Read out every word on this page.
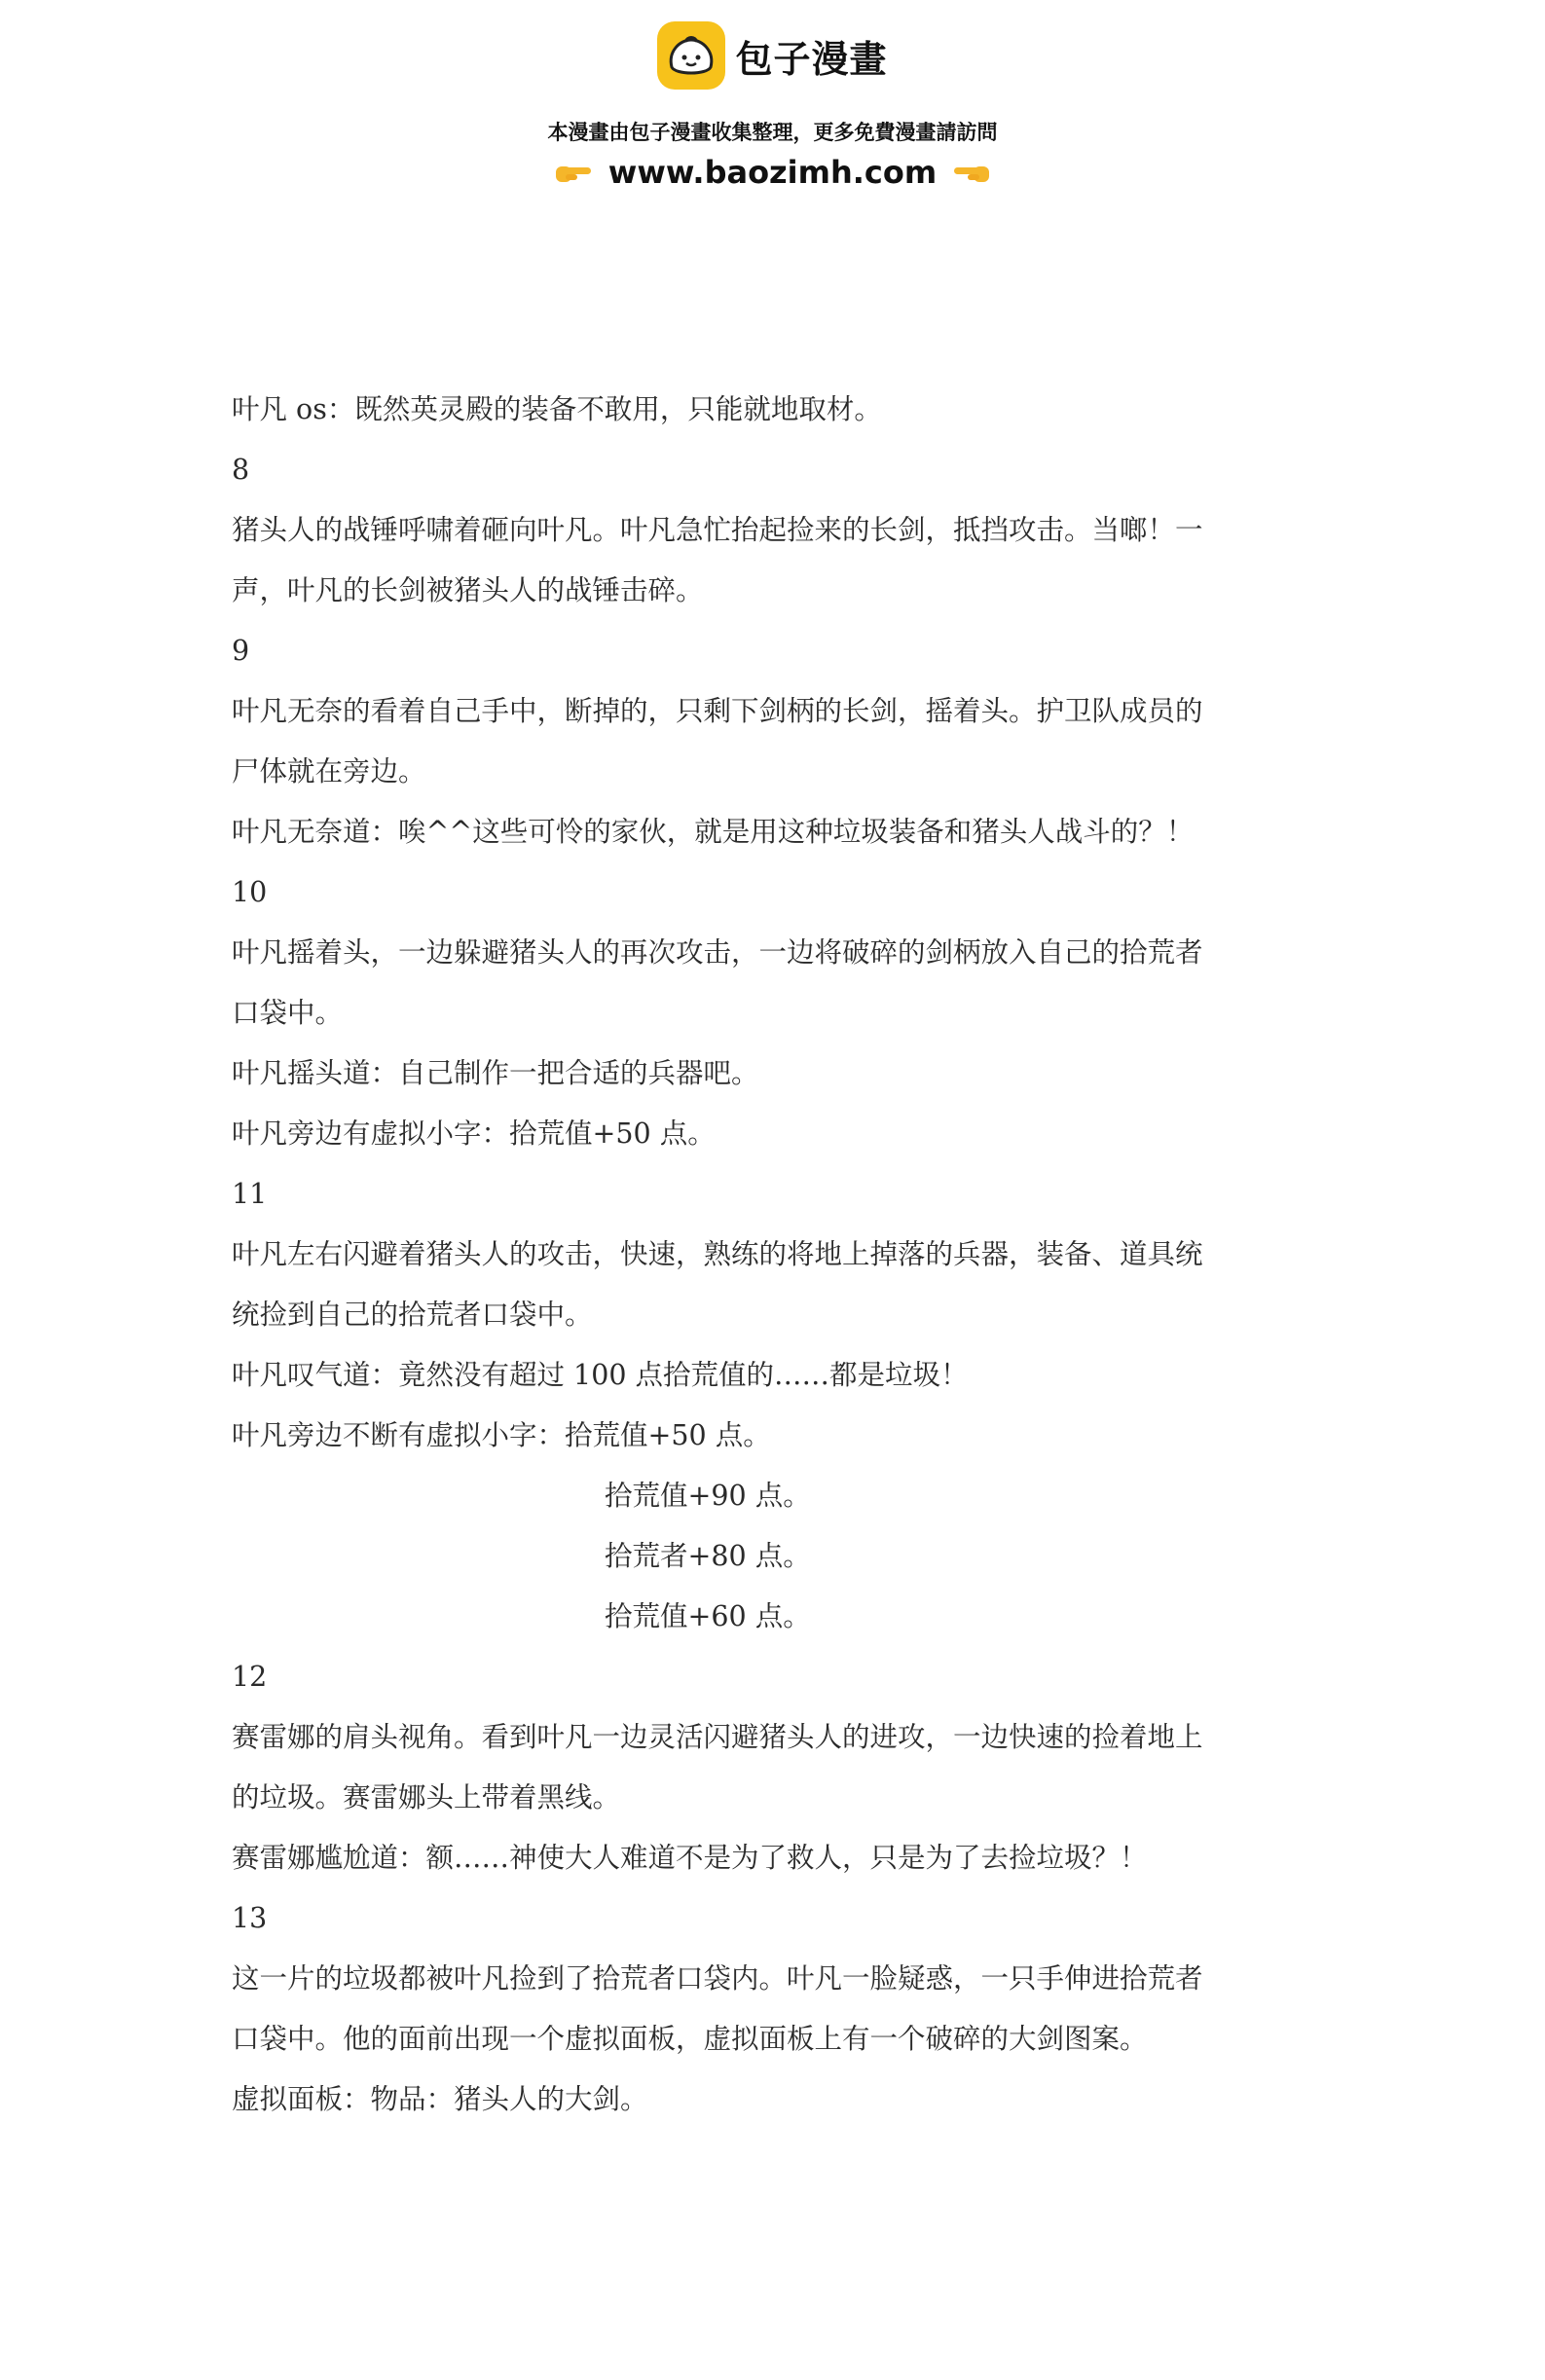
包子漫畫
本漫畫由包子漫畫收集整理，更多免費漫畫請訪問
www.baozimh.com
叶凡 os：既然英灵殿的装备不敢用，只能就地取材。
8
猪头人的战锤呼啸着砸向叶凡。叶凡急忙抬起捡来的长剑，抵挡攻击。当啷！一
声，叶凡的长剑被猪头人的战锤击碎。
9
叶凡无奈的看着自己手中，断掉的，只剩下剑柄的长剑，摇着头。护卫队成员的
尸体就在旁边。
叶凡无奈道：唉^^这些可怜的家伙，就是用这种垃圾装备和猪头人战斗的？！
10
叶凡摇着头，一边躲避猪头人的再次攻击，一边将破碎的剑柄放入自己的拾荒者
口袋中。
叶凡摇头道：自己制作一把合适的兵器吧。
叶凡旁边有虚拟小字：拾荒值+50 点。
11
叶凡左右闪避着猪头人的攻击，快速，熟练的将地上掉落的兵器，装备、道具统
统捡到自己的拾荒者口袋中。
叶凡叹气道：竟然没有超过 100 点拾荒值的……都是垃圾！
叶凡旁边不断有虚拟小字：拾荒值+50 点。
拾荒值+90 点。
拾荒者+80 点。
拾荒值+60 点。
12
赛雷娜的肩头视角。看到叶凡一边灵活闪避猪头人的进攻，一边快速的捡着地上
的垃圾。赛雷娜头上带着黑线。
赛雷娜尴尬道：额……神使大人难道不是为了救人，只是为了去捡垃圾？！
13
这一片的垃圾都被叶凡捡到了拾荒者口袋内。叶凡一脸疑惑，一只手伸进拾荒者
口袋中。他的面前出现一个虚拟面板，虚拟面板上有一个破碎的大剑图案。
虚拟面板：物品：猪头人的大剑。
